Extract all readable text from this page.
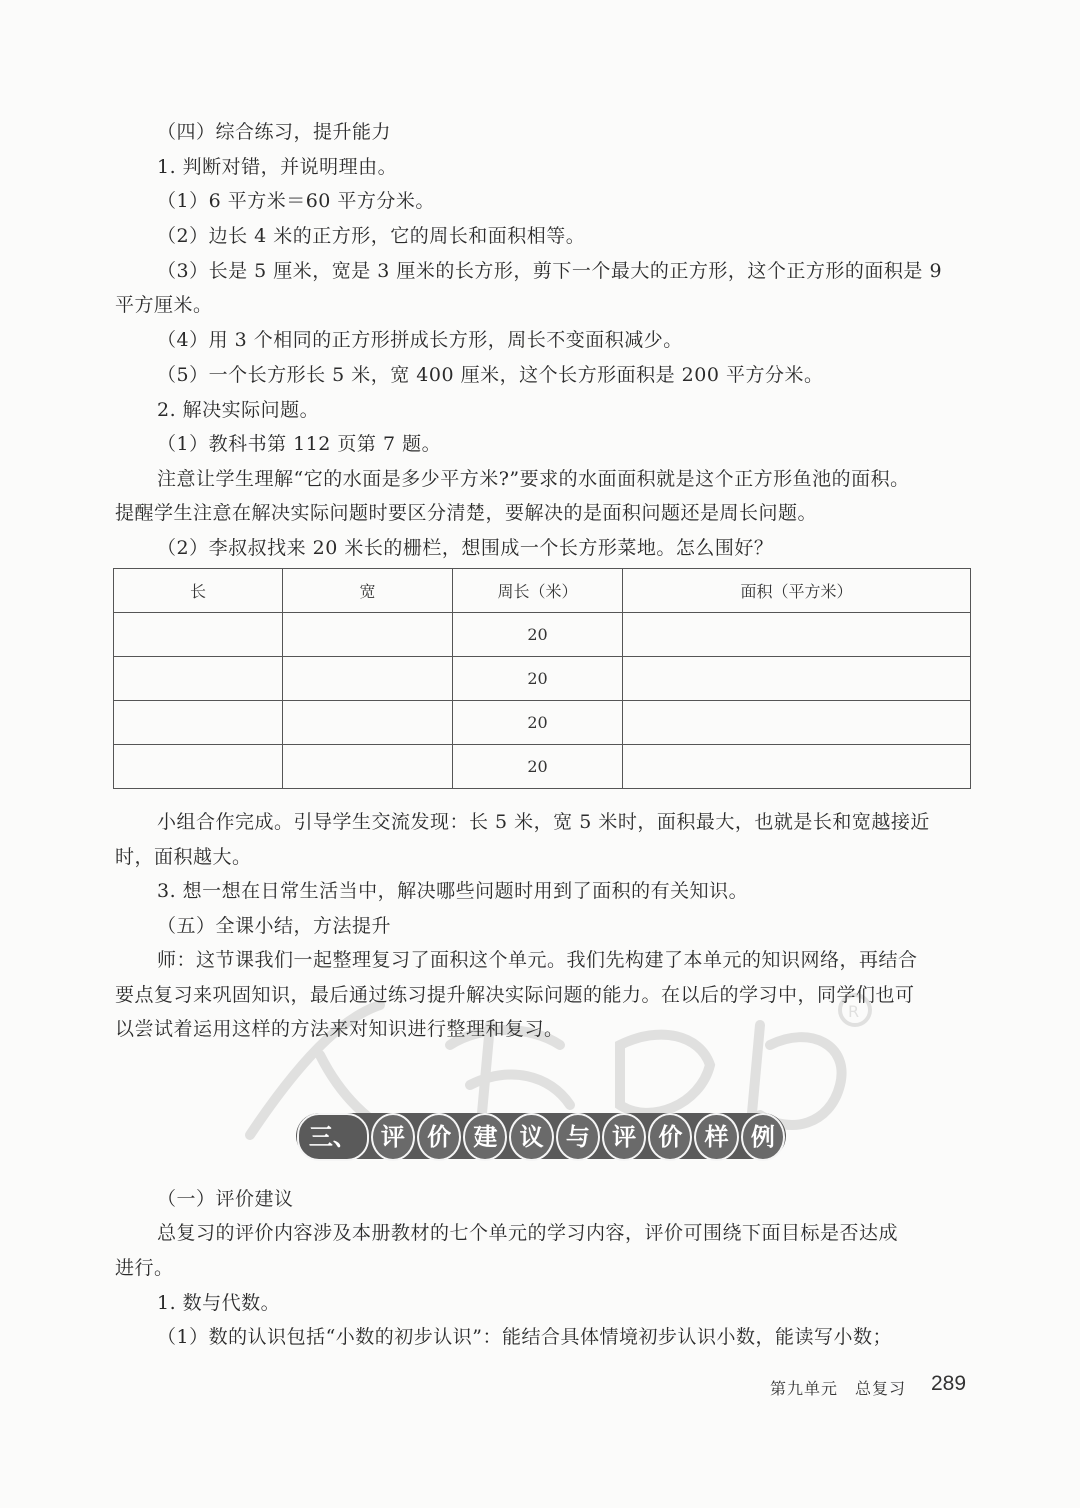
（四）综合练习，提升能力
1. 判断对错，并说明理由。
（1）6 平方米＝60 平方分米。
（2）边长 4 米的正方形，它的周长和面积相等。
（3）长是 5 厘米，宽是 3 厘米的长方形，剪下一个最大的正方形，这个正方形的面积是 9
平方厘米。
（4）用 3 个相同的正方形拼成长方形，周长不变面积减少。
（5）一个长方形长 5 米，宽 400 厘米，这个长方形面积是 200 平方分米。
2. 解决实际问题。
（1）教科书第 112 页第 7 题。
注意让学生理解“它的水面是多少平方米?”要求的水面面积就是这个正方形鱼池的面积。
提醒学生注意在解决实际问题时要区分清楚，要解决的是面积问题还是周长问题。
（2）李叔叔找来 20 米长的栅栏，想围成一个长方形菜地。怎么围好？
长	宽	周长（米）	面积（平方米）
		20	
		20	
		20	
		20	
小组合作完成。引导学生交流发现：长 5 米，宽 5 米时，面积最大，也就是长和宽越接近
时，面积越大。
3. 想一想在日常生活当中，解决哪些问题时用到了面积的有关知识。
（五）全课小结，方法提升
师：这节课我们一起整理复习了面积这个单元。我们先构建了本单元的知识网络，再结合
要点复习来巩固知识，最后通过练习提升解决实际问题的能力。在以后的学习中，同学们也可
以尝试着运用这样的方法来对知识进行整理和复习。
R
三、 评 价 建 议 与 评 价 样 例
（一）评价建议
总复习的评价内容涉及本册教材的七个单元的学习内容，评价可围绕下面目标是否达成
进行。
1. 数与代数。
（1）数的认识包括“小数的初步认识”：能结合具体情境初步认识小数，能读写小数；
第九单元　总复习 289
